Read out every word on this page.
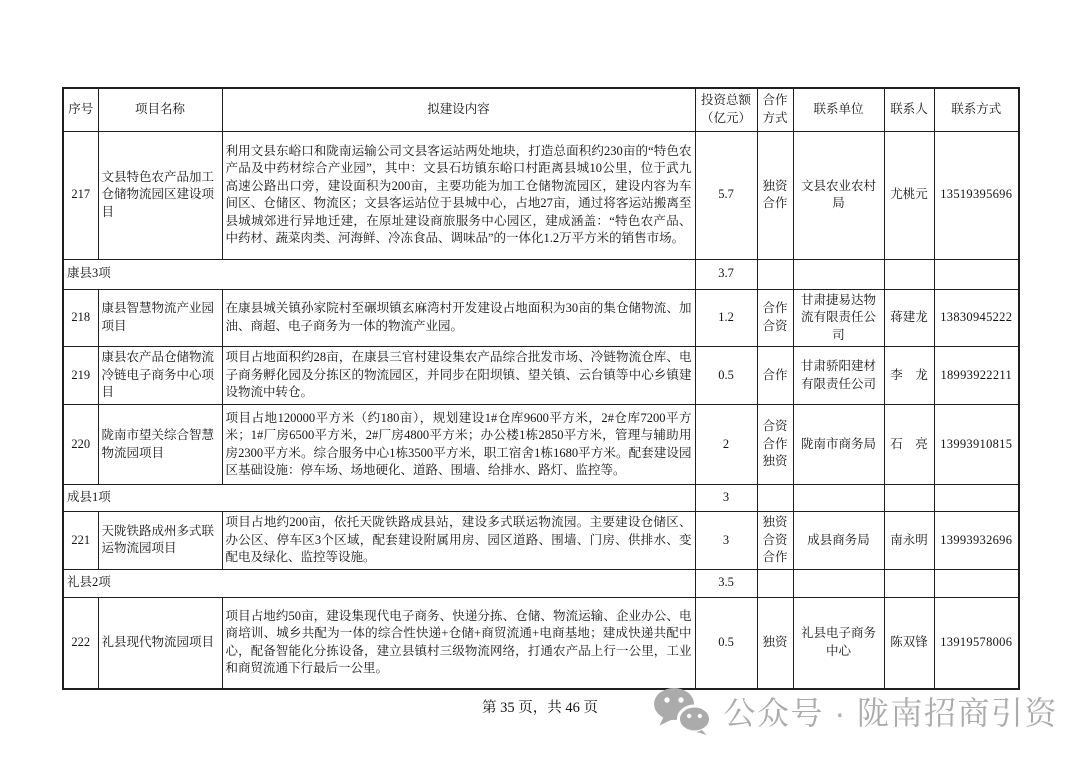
序号	项目名称	拟建设内容	投资总额（亿元）	合作方式	联系单位	联系人	联系方式
217	文县特色农产品加工仓储物流园区建设项目	利用文县东峪口和陇南运输公司文县客运站两处地块，打造总面积约230亩的“特色农产品及中药材综合产业园”，其中：文县石坊镇东峪口村距离县城10公里，位于武九高速公路出口旁，建设面积为200亩，主要功能为加工仓储物流园区，建设内容为车间区、仓储区、物流区；文县客运站位于县城中心，占地27亩，通过将客运站搬离至县城城郊进行异地迁建，在原址建设商旅服务中心园区，建成涵盖：“特色农产品、中药材、蔬菜肉类、河海鲜、冷冻食品、调味品”的一体化1.2万平方米的销售市场。	5.7	独资合作	文县农业农村局	尤桃元	13519395696
康县3项			3.7				
218	康县智慧物流产业园项目	在康县城关镇孙家院村至碾坝镇玄麻湾村开发建设占地面积为30亩的集仓储物流、加油、商超、电子商务为一体的物流产业园。	1.2	合作合资	甘肃捷易达物流有限责任公司	蒋建龙	13830945222
219	康县农产品仓储物流冷链电子商务中心项目	项目占地面积约28亩，在康县三官村建设集农产品综合批发市场、冷链物流仓库、电子商务孵化园及分拣区的物流园区，并同步在阳坝镇、望关镇、云台镇等中心乡镇建设物流中转仓。	0.5	合作	甘肃骄阳建材有限责任公司	李　龙	18993922211
220	陇南市望关综合智慧物流园项目	项目占地120000平方米（约180亩），规划建设1#仓库9600平方米，2#仓库7200平方米；1#厂房6500平方米，2#厂房4800平方米；办公楼1栋2850平方米，管理与辅助用房2300平方米。综合服务中心1栋3500平方米，职工宿舍1栋1680平方米。配套建设园区基础设施：停车场、场地硬化、道路、围墙、给排水、路灯、监控等。	2	合资合作独资	陇南市商务局	石　亮	13993910815
成县1项			3				
221	天陇铁路成州多式联运物流园项目	项目占地约200亩，依托天陇铁路成县站，建设多式联运物流园。主要建设仓储区、办公区、停车区3个区域，配套建设附属用房、园区道路、围墙、门房、供排水、变配电及绿化、监控等设施。	3	独资合资合作	成县商务局	南永明	13993932696
礼县2项			3.5				
222	礼县现代物流园项目	项目占地约50亩，建设集现代电子商务、快递分拣、仓储、物流运输、企业办公、电商培训、城乡共配为一体的综合性快递+仓储+商贸流通+电商基地；建成快递共配中心，配备智能化分拣设备，建立县镇村三级物流网络，打通农产品上行一公里，工业和商贸流通下行最后一公里。	0.5	独资	礼县电子商务中心	陈双锋	13919578006
第 35 页，共 46 页	公众号 · 陇南招商引资
